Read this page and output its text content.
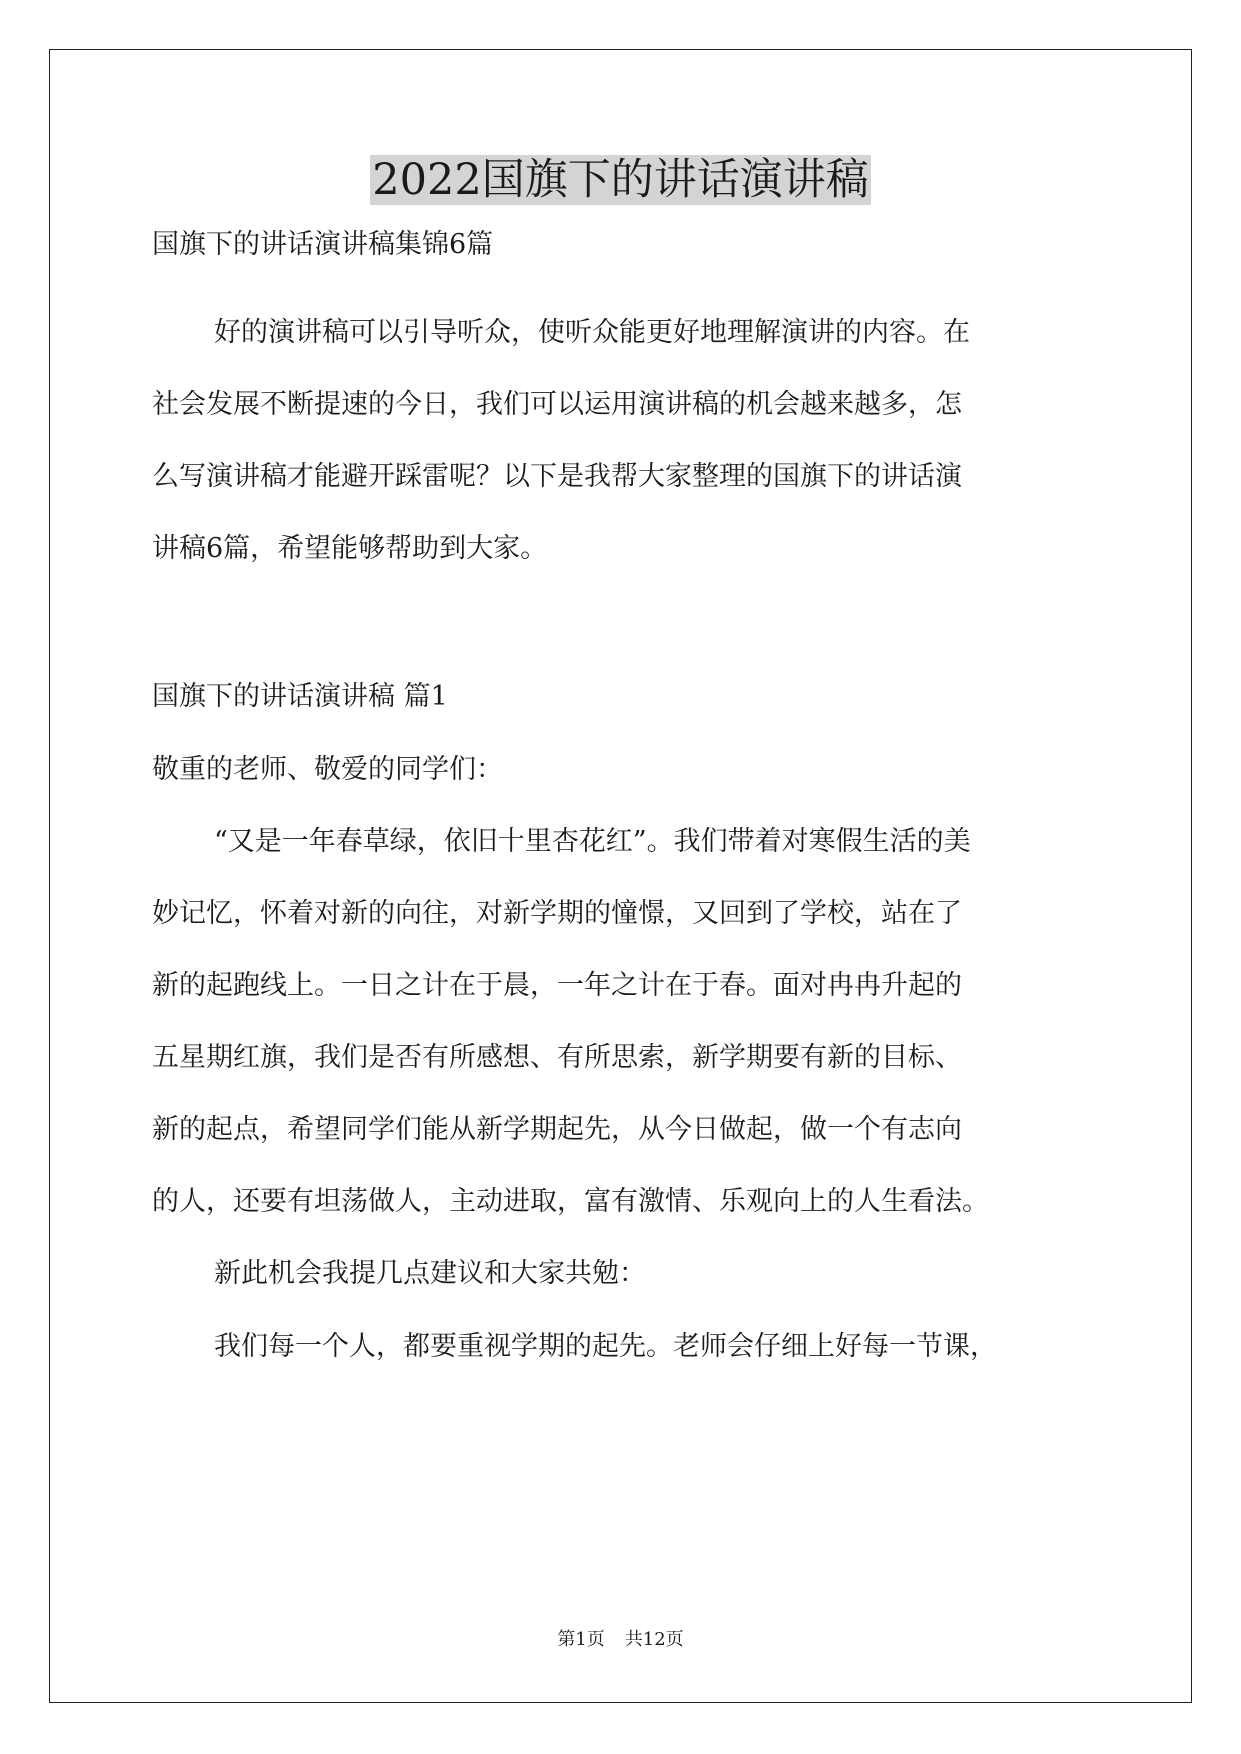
2022国旗下的讲话演讲稿

国旗下的讲话演讲稿集锦6篇

好的演讲稿可以引导听众，使听众能更好地理解演讲的内容。在

社会发展不断提速的今日，我们可以运用演讲稿的机会越来越多，怎

么写演讲稿才能避开踩雷呢？以下是我帮大家整理的国旗下的讲话演

讲稿6篇，希望能够帮助到大家。

国旗下的讲话演讲稿 篇1

敬重的老师、敬爱的同学们：

“又是一年春草绿，依旧十里杏花红”。我们带着对寒假生活的美

妙记忆，怀着对新的向往，对新学期的憧憬，又回到了学校，站在了

新的起跑线上。一日之计在于晨，一年之计在于春。面对冉冉升起的

五星期红旗，我们是否有所感想、有所思索，新学期要有新的目标、

新的起点，希望同学们能从新学期起先，从今日做起，做一个有志向

的人，还要有坦荡做人，主动进取，富有激情、乐观向上的人生看法。

新此机会我提几点建议和大家共勉：

我们每一个人，都要重视学期的起先。老师会仔细上好每一节课，

第1页 共12页
